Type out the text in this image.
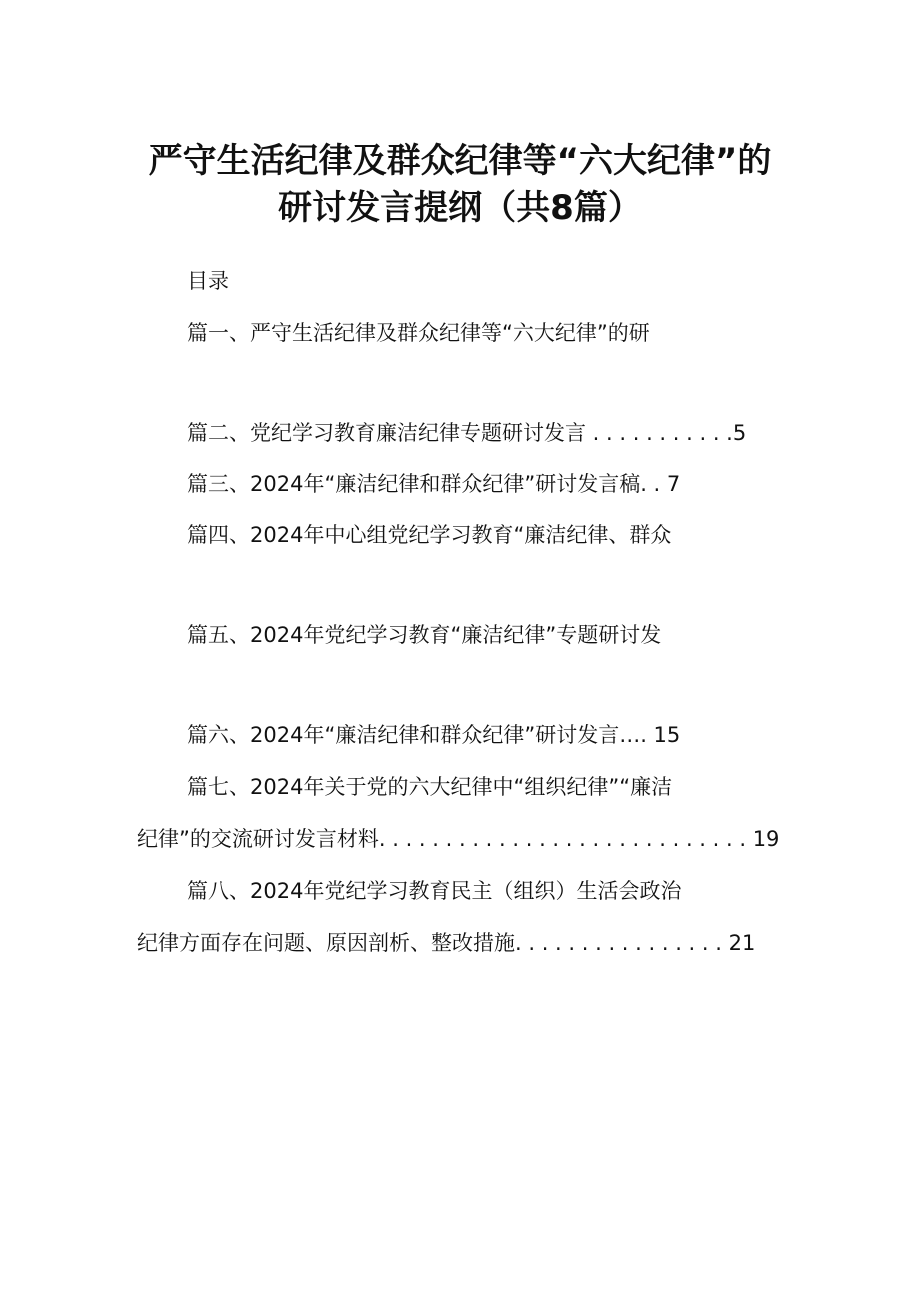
严守生活纪律及群众纪律等“六大纪律”的
研讨发言提纲（共8篇）
目录
篇一、严守生活纪律及群众纪律等“六大纪律”的研
篇二、党纪学习教育廉洁纪律专题研讨发言 . . . . . . . . . . .5
篇三、2024年“廉洁纪律和群众纪律”研讨发言稿. . 7
篇四、2024年中心组党纪学习教育“廉洁纪律、群众
篇五、2024年党纪学习教育“廉洁纪律”专题研讨发
篇六、2024年“廉洁纪律和群众纪律”研讨发言…. 15
篇七、2024年关于党的六大纪律中“组织纪律”“廉洁
纪律”的交流研讨发言材料. . . . . . . . . . . . . . . . . . . . . . . . . . . . 19
篇八、2024年党纪学习教育民主（组织）生活会政治
纪律方面存在问题、原因剖析、整改措施. . . . . . . . . . . . . . . . 21
